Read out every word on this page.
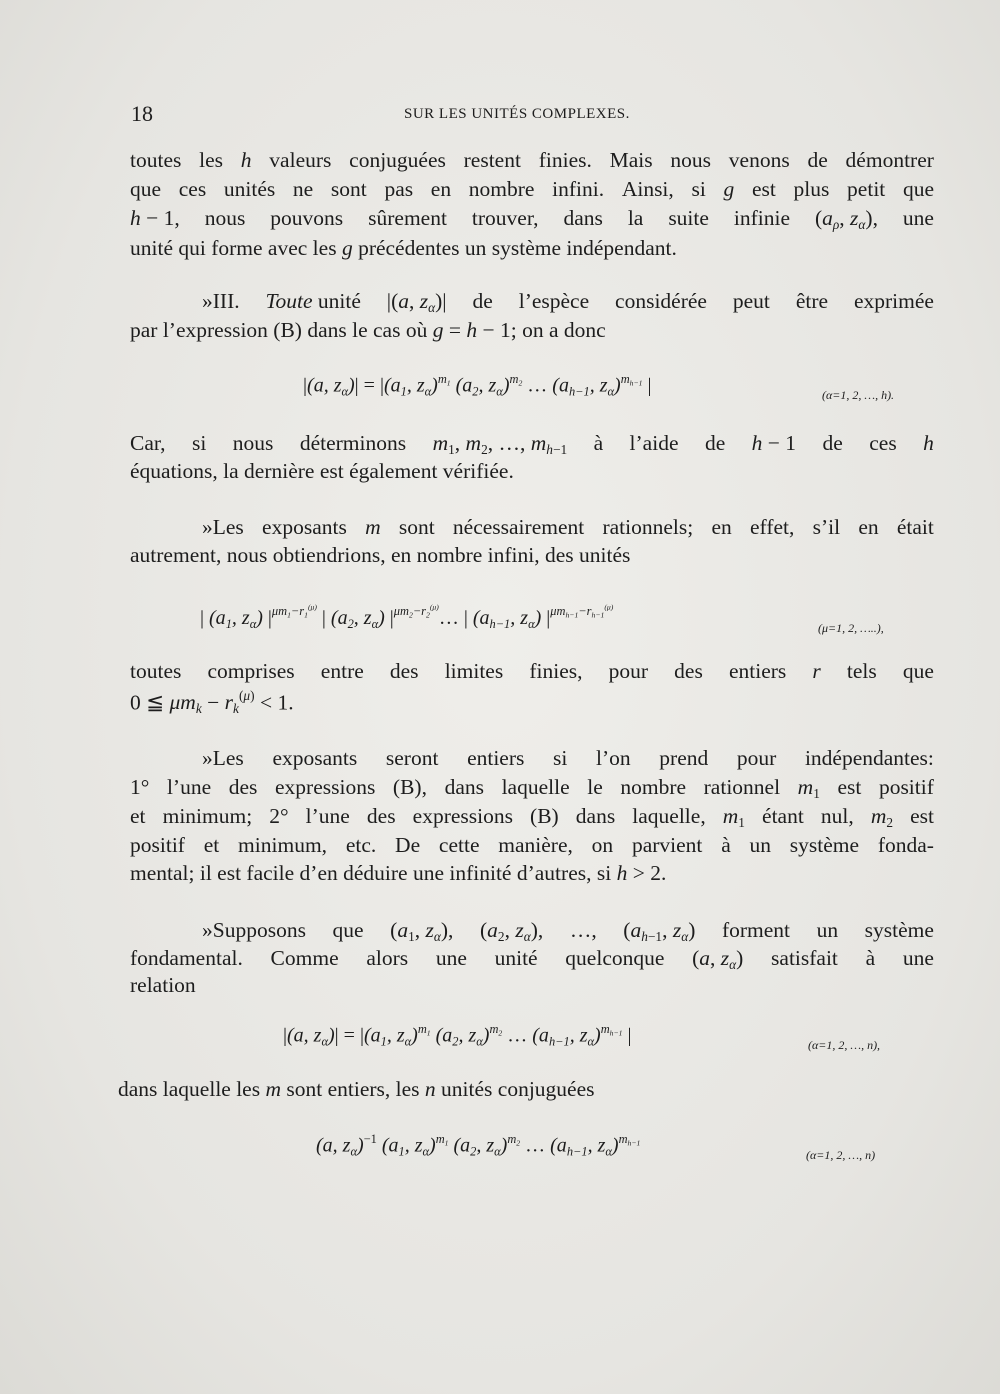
18	SUR LES UNITÉS COMPLEXES.
toutes les h valeurs conjuguées restent finies. Mais nous venons de démontrer
que ces unités ne sont pas en nombre infini. Ainsi, si g est plus petit que
h − 1, nous pouvons sûrement trouver, dans la suite infinie ($a_\rho$, $z_\alpha$), une
unité qui forme avec les g précédentes un système indépendant.
»III. Toute unité |(a, $z_\alpha)|$ de l’espèce considérée peut être exprimée
par l’expression (B) dans le cas où g = h − 1; on a donc
|(a, $z_\alpha)| = |(a_1$, $z_\alpha)^{m_1}$ ($a_2$, $z_\alpha)^{m_2}$ … ($a_{h-1}$, $z_\alpha)^{m_{h-1}}$ |	(α=1, 2, …, h).
Car, si nous déterminons $m_1$, $m_2$, …, $m_{h-1}$ à l’aide de h − 1 de ces h
équations, la dernière est également vérifiée.
»Les exposants m sont nécessairement rationnels; en effet, s’il en était
autrement, nous obtiendrions, en nombre infini, des unités
| ($a_1$, $z_\alpha$) $|^{\mu m_1-r_1^{(\mu)}}$ | ($a_2$, $z_\alpha$) $|^{\mu m_2-r_2^{(\mu)}}\dots$ | ($a_{h-1}$, $z_\alpha$) $|^{\mu m_{h-1}-r_{h-1}^{(\mu)}}$
(μ=1, 2, …..),
toutes comprises entre des limites finies, pour des entiers r tels que
0 ≦ $\mu m_k - r_k^{(\mu)} < 1$.
»Les exposants seront entiers si l’on prend pour indépendantes:
1° l’une des expressions (B), dans laquelle le nombre rationnel $m_1$ est positif
et minimum; 2° l’une des expressions (B) dans laquelle, $m_1$ étant nul, $m_2$ est
positif et minimum, etc. De cette manière, on parvient à un système fonda-
mental; il est facile d’en déduire une infinité d’autres, si h > 2.
»Supposons que ($a_1$, $z_\alpha$), ($a_2$, $z_\alpha$), …, ($a_{h-1}$, $z_\alpha$) forment un système
fondamental. Comme alors une unité quelconque (a, $z_\alpha$) satisfait à une
relation
|(a, $z_\alpha)| = |(a_1$, $z_\alpha)^{m_1}$ ($a_2$, $z_\alpha)^{m_2}$ … ($a_{h-1}$, $z_\alpha)^{m_{h-1}}$ |	(α=1, 2, …, n),
dans laquelle les m sont entiers, les n unités conjuguées
(a, $z_\alpha)^{-1}$ ($a_1$, $z_\alpha)^{m_1}$ ($a_2$, $z_\alpha)^{m_2}$ … ($a_{h-1}$, $z_\alpha)^{m_{h-1}}$
(α=1, 2, …, n)
